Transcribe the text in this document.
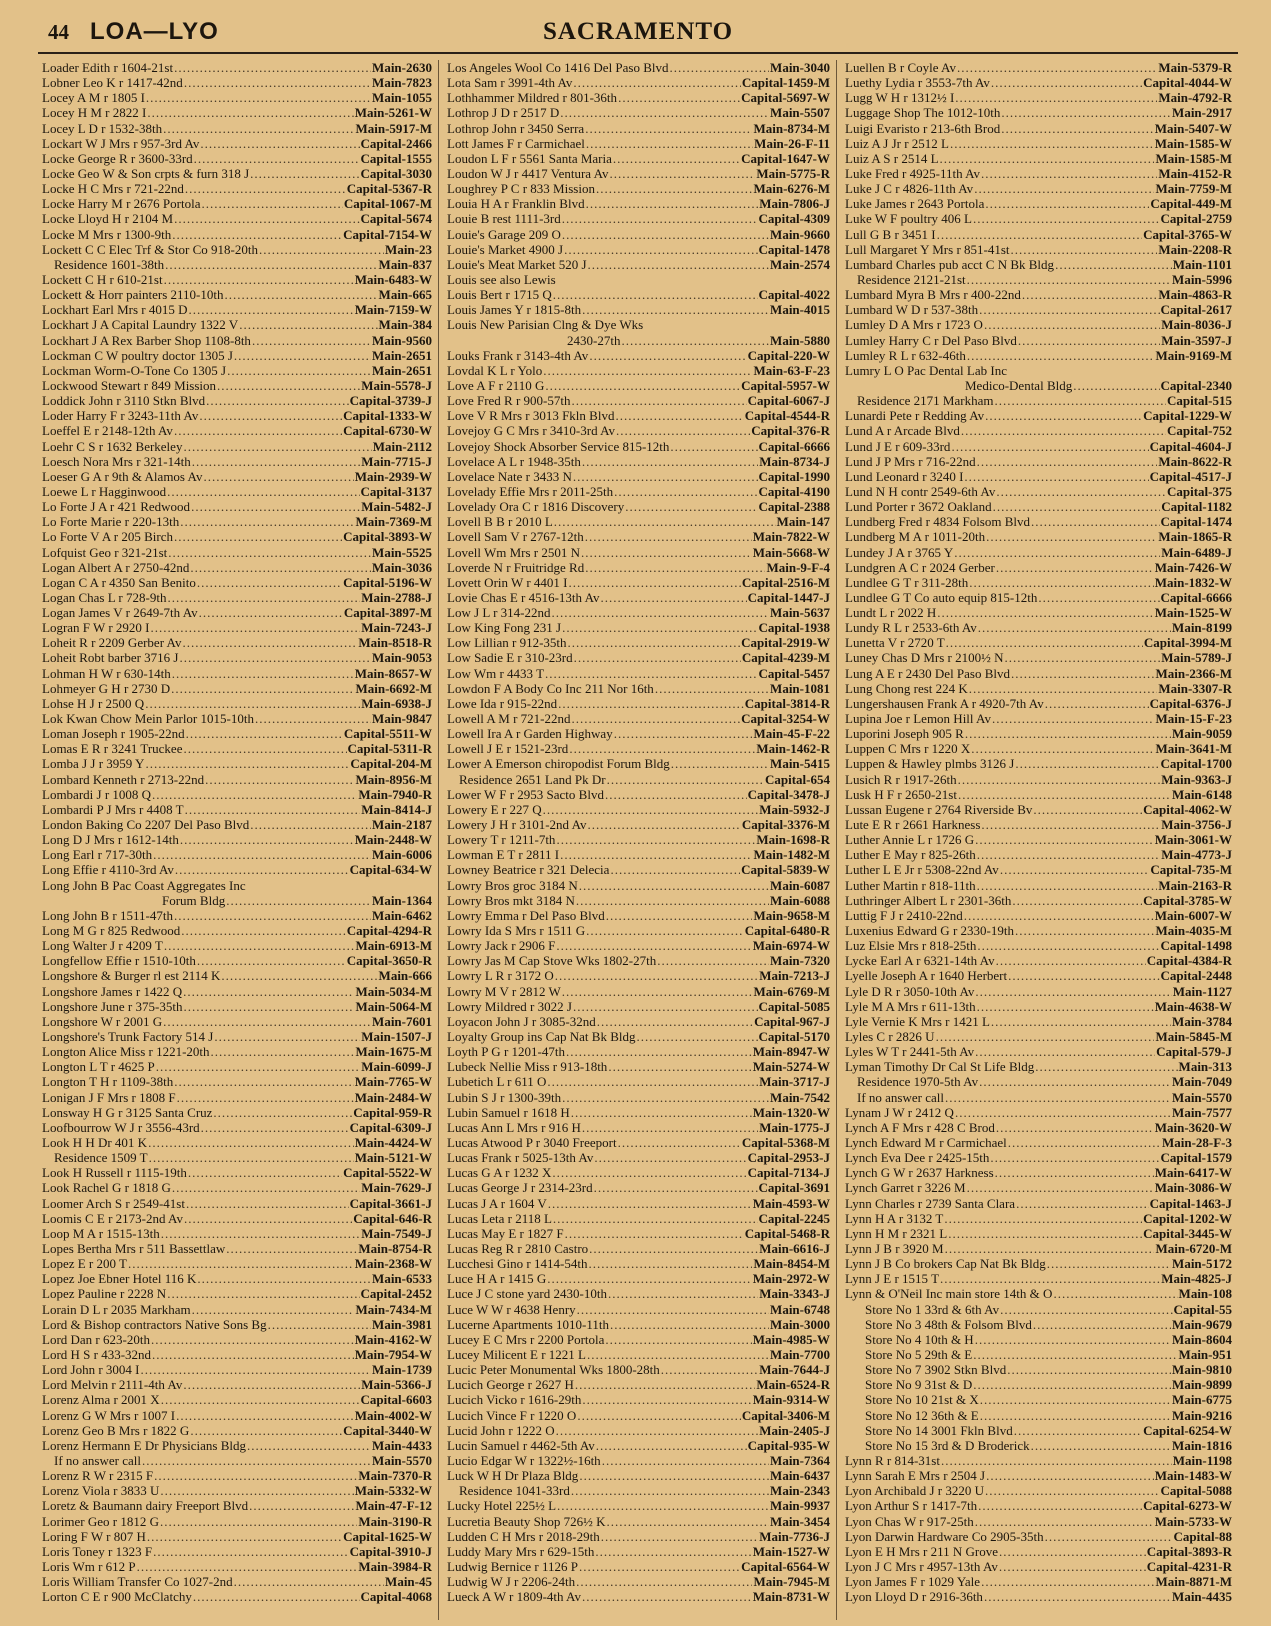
44 LOA—LYO	SACRAMENTO
Loader Edith r 1604-21st .....	Main-2630
Lobner Leo K r 1417-42nd .....	Main-7823
Locey A M r 1805 I .....	Main-1055
Locey H M r 2822 I .....	Main-5261-W
Locey L D r 1532-38th .....	Main-5917-M
Lockart W J Mrs r 957-3rd Av .....	Capital-2466
Locke George R r 3600-33rd .....	Capital-1555
Locke Geo W & Son crpts & furn 318 J .....	Capital-3030
Locke H C Mrs r 721-22nd .....	Capital-5367-R
Locke Harry M r 2676 Portola .....	Capital-1067-M
Locke Lloyd H r 2104 M .....	Capital-5674
Locke M Mrs r 1300-9th .....	Capital-7154-W
Lockett C C Elec Trf & Stor Co 918-20th .....	Main-23
Residence 1601-38th .....	Main-837
Lockett C H r 610-21st .....	Main-6483-W
Lockett & Horr painters 2110-10th .....	Main-665
Lockhart Earl Mrs r 4015 D .....	Main-7159-W
Lockhart J A Capital Laundry 1322 V .....	Main-384
Lockhart J A Rex Barber Shop 1108-8th .....	Main-9560
Lockman C W poultry doctor 1305 J .....	Main-2651
Lockman Worm-O-Tone Co 1305 J .....	Main-2651
Lockwood Stewart r 849 Mission .....	Main-5578-J
Loddick John r 3110 Stkn Blvd .....	Capital-3739-J
Loder Harry F r 3243-11th Av .....	Capital-1333-W
Loeffel E r 2148-12th Av .....	Capital-6730-W
Loehr C S r 1632 Berkeley .....	Main-2112
Loesch Nora Mrs r 321-14th .....	Main-7715-J
Loeser G A r 9th & Alamos Av .....	Main-2939-W
Loewe L r Hagginwood .....	Capital-3137
Lo Forte J A r 421 Redwood .....	Main-5482-J
Lo Forte Marie r 220-13th .....	Main-7369-M
Lo Forte V A r 205 Birch .....	Capital-3893-W
Lofquist Geo r 321-21st .....	Main-5525
Logan Albert A r 2750-42nd .....	Main-3036
Logan C A r 4350 San Benito .....	Capital-5196-W
Logan Chas L r 728-9th .....	Main-2788-J
Logan James V r 2649-7th Av .....	Capital-3897-M
Logran F W r 2920 I .....	Main-7243-J
Loheit R r 2209 Gerber Av .....	Main-8518-R
Loheit Robt barber 3716 J .....	Main-9053
Lohman H W r 630-14th .....	Main-8657-W
Lohmeyer G H r 2730 D .....	Main-6692-M
Lohse H J r 2500 Q .....	Main-6938-J
Lok Kwan Chow Mein Parlor 1015-10th .....	Main-9847
Loman Joseph r 1905-22nd .....	Capital-5511-W
Lomas E R r 3241 Truckee .....	Capital-5311-R
Lomba J J r 3959 Y .....	Capital-204-M
Lombard Kenneth r 2713-22nd .....	Main-8956-M
Lombardi J r 1008 Q .....	Main-7940-R
Lombardi P J Mrs r 4408 T .....	Main-8414-J
London Baking Co 2207 Del Paso Blvd .....	Main-2187
Long D J Mrs r 1612-14th .....	Main-2448-W
Long Earl r 717-30th .....	Main-6006
Long Effie r 4110-3rd Av .....	Capital-634-W
Long John B Pac Coast Aggregates Inc
Forum Bldg .....	Main-1364
Long John B r 1511-47th .....	Main-6462
Long M G r 825 Redwood .....	Capital-4294-R
Long Walter J r 4209 T .....	Main-6913-M
Longfellow Effie r 1510-10th .....	Capital-3650-R
Longshore & Burger rl est 2114 K .....	Main-666
Longshore James r 1422 Q .....	Main-5034-M
Longshore June r 375-35th .....	Main-5064-M
Longshore W r 2001 G .....	Main-7601
Longshore's Trunk Factory 514 J .....	Main-1507-J
Longton Alice Miss r 1221-20th .....	Main-1675-M
Longton L T r 4625 P .....	Main-6099-J
Longton T H r 1109-38th .....	Main-7765-W
Lonigan J F Mrs r 1808 F .....	Main-2484-W
Lonsway H G r 3125 Santa Cruz .....	Capital-959-R
Loofbourrow W J r 3556-43rd .....	Capital-6309-J
Look H H Dr 401 K .....	Main-4424-W
Residence 1509 T .....	Main-5121-W
Look H Russell r 1115-19th .....	Capital-5522-W
Look Rachel G r 1818 G .....	Main-7629-J
Loomer Arch S r 2549-41st .....	Capital-3661-J
Loomis C E r 2173-2nd Av .....	Capital-646-R
Loop M A r 1515-13th .....	Main-7549-J
Lopes Bertha Mrs r 511 Bassettlaw .....	Main-8754-R
Lopez E r 200 T .....	Main-2368-W
Lopez Joe Ebner Hotel 116 K .....	Main-6533
Lopez Pauline r 2228 N .....	Capital-2452
Lorain D L r 2035 Markham .....	Main-7434-M
Lord & Bishop contractors Native Sons Bg .....	Main-3981
Lord Dan r 623-20th .....	Main-4162-W
Lord H S r 433-32nd .....	Main-7954-W
Lord John r 3004 I .....	Main-1739
Lord Melvin r 2111-4th Av .....	Main-5366-J
Lorenz Alma r 2001 X .....	Capital-6603
Lorenz G W Mrs r 1007 I .....	Main-4002-W
Lorenz Geo B Mrs r 1822 G .....	Capital-3440-W
Lorenz Hermann E Dr Physicians Bldg .....	Main-4433
If no answer call .....	Main-5570
Lorenz R W r 2315 F .....	Main-7370-R
Lorenz Viola r 3833 U .....	Main-5332-W
Loretz & Baumann dairy Freeport Blvd .....	Main-47-F-12
Lorimer Geo r 1812 G .....	Main-3190-R
Loring F W r 807 H .....	Capital-1625-W
Loris Toney r 1323 F .....	Capital-3910-J
Loris Wm r 612 P .....	Main-3984-R
Loris William Transfer Co 1027-2nd .....	Main-45
Lorton C E r 900 McClatchy .....	Capital-4068
Los Angeles Wool Co 1416 Del Paso Blvd .....	Main-3040
Lota Sam r 3991-4th Av .....	Capital-1459-M
Lothhammer Mildred r 801-36th .....	Capital-5697-W
Lothrop J D r 2517 D .....	Main-5507
Lothrop John r 3450 Serra .....	Main-8734-M
Lott James F r Carmichael .....	Main-26-F-11
Loudon L F r 5561 Santa Maria .....	Capital-1647-W
Loudon W J r 4417 Ventura Av .....	Main-5775-R
Loughrey P C r 833 Mission .....	Main-6276-M
Louia H A r Franklin Blvd .....	Main-7806-J
Louie B rest 1111-3rd .....	Capital-4309
Louie's Garage 209 O .....	Main-9660
Louie's Market 4900 J .....	Capital-1478
Louie's Meat Market 520 J .....	Main-2574
Louis see also Lewis
Louis Bert r 1715 Q .....	Capital-4022
Louis James Y r 1815-8th .....	Main-4015
Louis New Parisian Clng & Dye Wks
2430-27th .....	Main-5880
Louks Frank r 3143-4th Av .....	Capital-220-W
Lovdal K L r Yolo .....	Main-63-F-23
Love A F r 2110 G .....	Capital-5957-W
Love Fred R r 900-57th .....	Capital-6067-J
Love V R Mrs r 3013 Fkln Blvd .....	Capital-4544-R
Lovejoy G C Mrs r 3410-3rd Av .....	Capital-376-R
Lovejoy Shock Absorber Service 815-12th .....	Capital-6666
Lovelace A L r 1948-35th .....	Main-8734-J
Lovelace Nate r 3433 N .....	Capital-1990
Lovelady Effie Mrs r 2011-25th .....	Capital-4190
Lovelady Ora C r 1816 Discovery .....	Capital-2388
Lovell B B r 2010 L .....	Main-147
Lovell Sam V r 2767-12th .....	Main-7822-W
Lovell Wm Mrs r 2501 N .....	Main-5668-W
Loverde N r Fruitridge Rd .....	Main-9-F-4
Lovett Orin W r 4401 I .....	Capital-2516-M
Lovie Chas E r 4516-13th Av .....	Capital-1447-J
Low J L r 314-22nd .....	Main-5637
Low King Fong 231 J .....	Capital-1938
Low Lillian r 912-35th .....	Capital-2919-W
Low Sadie E r 310-23rd .....	Capital-4239-M
Low Wm r 4433 T .....	Capital-5457
Lowdon F A Body Co Inc 211 Nor 16th .....	Main-1081
Lowe Ida r 915-22nd .....	Capital-3814-R
Lowell A M r 721-22nd .....	Capital-3254-W
Lowell Ira A r Garden Highway .....	Main-45-F-22
Lowell J E r 1521-23rd .....	Main-1462-R
Lower A Emerson chiropodist Forum Bldg .....	Main-5415
Residence 2651 Land Pk Dr .....	Capital-654
Lower W F r 2953 Sacto Blvd .....	Capital-3478-J
Lowery E r 227 Q .....	Main-5932-J
Lowery J H r 3101-2nd Av .....	Capital-3376-M
Lowery T r 1211-7th .....	Main-1698-R
Lowman E T r 2811 I .....	Main-1482-M
Lowney Beatrice r 321 Delecia .....	Capital-5839-W
Lowry Bros groc 3184 N .....	Main-6087
Lowry Bros mkt 3184 N .....	Main-6088
Lowry Emma r Del Paso Blvd .....	Main-9658-M
Lowry Ida S Mrs r 1511 G .....	Capital-6480-R
Lowry Jack r 2906 F .....	Main-6974-W
Lowry Jas M Cap Stove Wks 1802-27th .....	Main-7320
Lowry L R r 3172 O .....	Main-7213-J
Lowry M V r 2812 W .....	Main-6769-M
Lowry Mildred r 3022 J .....	Capital-5085
Loyacon John J r 3085-32nd .....	Capital-967-J
Loyalty Group ins Cap Nat Bk Bldg .....	Capital-5170
Loyth P G r 1201-47th .....	Main-8947-W
Lubeck Nellie Miss r 913-18th .....	Main-5274-W
Lubetich L r 611 O .....	Main-3717-J
Lubin S J r 1300-39th .....	Main-7542
Lubin Samuel r 1618 H .....	Main-1320-W
Lucas Ann L Mrs r 916 H .....	Main-1775-J
Lucas Atwood P r 3040 Freeport .....	Capital-5368-M
Lucas Frank r 5025-13th Av .....	Capital-2953-J
Lucas G A r 1232 X .....	Capital-7134-J
Lucas George J r 2314-23rd .....	Capital-3691
Lucas J A r 1604 V .....	Main-4593-W
Lucas Leta r 2118 L .....	Capital-2245
Lucas May E r 1827 F .....	Capital-5468-R
Lucas Reg R r 2810 Castro .....	Main-6616-J
Lucchesi Gino r 1414-54th .....	Main-8454-M
Luce H A r 1415 G .....	Main-2972-W
Luce J C stone yard 2430-10th .....	Main-3343-J
Luce W W r 4638 Henry .....	Main-6748
Lucerne Apartments 1010-11th .....	Main-3000
Lucey E C Mrs r 2200 Portola .....	Main-4985-W
Lucey Milicent E r 1221 L .....	Main-7700
Lucic Peter Monumental Wks 1800-28th .....	Main-7644-J
Lucich George r 2627 H .....	Main-6524-R
Lucich Vicko r 1616-29th .....	Main-9314-W
Lucich Vince F r 1220 O .....	Capital-3406-M
Lucid John r 1222 O .....	Main-2405-J
Lucin Samuel r 4462-5th Av .....	Capital-935-W
Lucio Edgar W r 1322½-16th .....	Main-7364
Luck W H Dr Plaza Bldg .....	Main-6437
Residence 1041-33rd .....	Main-2343
Lucky Hotel 225½ L .....	Main-9937
Lucretia Beauty Shop 726½ K .....	Main-3454
Ludden C H Mrs r 2018-29th .....	Main-7736-J
Luddy Mary Mrs r 629-15th .....	Main-1527-W
Ludwig Bernice r 1126 P .....	Capital-6564-W
Ludwig W J r 2206-24th .....	Main-7945-M
Lueck A W r 1809-4th Av .....	Main-8731-W
Luellen B r Coyle Av .....	Main-5379-R
Luethy Lydia r 3553-7th Av .....	Capital-4044-W
Lugg W H r 1312½ I .....	Main-4792-R
Luggage Shop The 1012-10th .....	Main-2917
Luigi Evaristo r 213-6th Brod .....	Main-5407-W
Luiz A J Jr r 2512 L .....	Main-1585-W
Luiz A S r 2514 L .....	Main-1585-M
Luke Fred r 4925-11th Av .....	Main-4152-R
Luke J C r 4826-11th Av .....	Main-7759-M
Luke James r 2643 Portola .....	Capital-449-M
Luke W F poultry 406 L .....	Capital-2759
Lull G B r 3451 I .....	Capital-3765-W
Lull Margaret Y Mrs r 851-41st .....	Main-2208-R
Lumbard Charles pub acct C N Bk Bldg .....	Main-1101
Residence 2121-21st .....	Main-5996
Lumbard Myra B Mrs r 400-22nd .....	Main-4863-R
Lumbard W D r 537-38th .....	Capital-2617
Lumley D A Mrs r 1723 O .....	Main-8036-J
Lumley Harry C r Del Paso Blvd .....	Main-3597-J
Lumley R L r 632-46th .....	Main-9169-M
Lumry L O Pac Dental Lab Inc
Medico-Dental Bldg .....	Capital-2340
Residence 2171 Markham .....	Capital-515
Lunardi Pete r Redding Av .....	Capital-1229-W
Lund A r Arcade Blvd .....	Capital-752
Lund J E r 609-33rd .....	Capital-4604-J
Lund J P Mrs r 716-22nd .....	Main-8622-R
Lund Leonard r 3240 I .....	Capital-4517-J
Lund N H contr 2549-6th Av .....	Capital-375
Lund Porter r 3672 Oakland .....	Capital-1182
Lundberg Fred r 4834 Folsom Blvd .....	Capital-1474
Lundberg M A r 1011-20th .....	Main-1865-R
Lundey J A r 3765 Y .....	Main-6489-J
Lundgren A C r 2024 Gerber .....	Main-7426-W
Lundlee G T r 311-28th .....	Main-1832-W
Lundlee G T Co auto equip 815-12th .....	Capital-6666
Lundt L r 2022 H .....	Main-1525-W
Lundy R L r 2533-6th Av .....	Main-8199
Lunetta V r 2720 T .....	Capital-3994-M
Luney Chas D Mrs r 2100½ N .....	Main-5789-J
Lung A E r 2430 Del Paso Blvd .....	Main-2366-M
Lung Chong rest 224 K .....	Main-3307-R
Lungershausen Frank A r 4920-7th Av .....	Capital-6376-J
Lupina Joe r Lemon Hill Av .....	Main-15-F-23
Luporini Joseph 905 R .....	Main-9059
Luppen C Mrs r 1220 X .....	Main-3641-M
Luppen & Hawley plmbs 3126 J .....	Capital-1700
Lusich R r 1917-26th .....	Main-9363-J
Lusk H F r 2650-21st .....	Main-6148
Lussan Eugene r 2764 Riverside Bv .....	Capital-4062-W
Lute E R r 2661 Harkness .....	Main-3756-J
Luther Annie L r 1726 G .....	Main-3061-W
Luther E May r 825-26th .....	Main-4773-J
Luther L E Jr r 5308-22nd Av .....	Capital-735-M
Luther Martin r 818-11th .....	Main-2163-R
Luthringer Albert L r 2301-36th .....	Capital-3785-W
Luttig F J r 2410-22nd .....	Main-6007-W
Luxenius Edward G r 2330-19th .....	Main-4035-M
Luz Elsie Mrs r 818-25th .....	Capital-1498
Lycke Earl A r 6321-14th Av .....	Capital-4384-R
Lyelle Joseph A r 1640 Herbert .....	Capital-2448
Lyle D R r 3050-10th Av .....	Main-1127
Lyle M A Mrs r 611-13th .....	Main-4638-W
Lyle Vernie K Mrs r 1421 L .....	Main-3784
Lyles C r 2826 U .....	Main-5845-M
Lyles W T r 2441-5th Av .....	Capital-579-J
Lyman Timothy Dr Cal St Life Bldg .....	Main-313
Residence 1970-5th Av .....	Main-7049
If no answer call .....	Main-5570
Lynam J W r 2412 Q .....	Main-7577
Lynch A F Mrs r 428 C Brod .....	Main-3620-W
Lynch Edward M r Carmichael .....	Main-28-F-3
Lynch Eva Dee r 2425-15th .....	Capital-1579
Lynch G W r 2637 Harkness .....	Main-6417-W
Lynch Garret r 3226 M .....	Main-3086-W
Lynn Charles r 2739 Santa Clara .....	Capital-1463-J
Lynn H A r 3132 T .....	Capital-1202-W
Lynn H M r 2321 L .....	Capital-3445-W
Lynn J B r 3920 M .....	Main-6720-M
Lynn J B Co brokers Cap Nat Bk Bldg .....	Main-5172
Lynn J E r 1515 T .....	Main-4825-J
Lynn & O'Neil Inc main store 14th & O .....	Main-108
Store No 1 33rd & 6th Av .....	Capital-55
Store No 3 48th & Folsom Blvd .....	Main-9679
Store No 4 10th & H .....	Main-8604
Store No 5 29th & E .....	Main-951
Store No 7 3902 Stkn Blvd .....	Main-9810
Store No 9 31st & D .....	Main-9899
Store No 10 21st & X .....	Main-6775
Store No 12 36th & E .....	Main-9216
Store No 14 3001 Fkln Blvd .....	Capital-6254-W
Store No 15 3rd & D Broderick .....	Main-1816
Lynn R r 814-31st .....	Main-1198
Lynn Sarah E Mrs r 2504 J .....	Main-1483-W
Lyon Archibald J r 3220 U .....	Capital-5088
Lyon Arthur S r 1417-7th .....	Capital-6273-W
Lyon Chas W r 917-25th .....	Main-5733-W
Lyon Darwin Hardware Co 2905-35th .....	Capital-88
Lyon E H Mrs r 211 N Grove .....	Capital-3893-R
Lyon J C Mrs r 4957-13th Av .....	Capital-4231-R
Lyon James F r 1029 Yale .....	Main-8871-M
Lyon Lloyd D r 2916-36th .....	Main-4435
